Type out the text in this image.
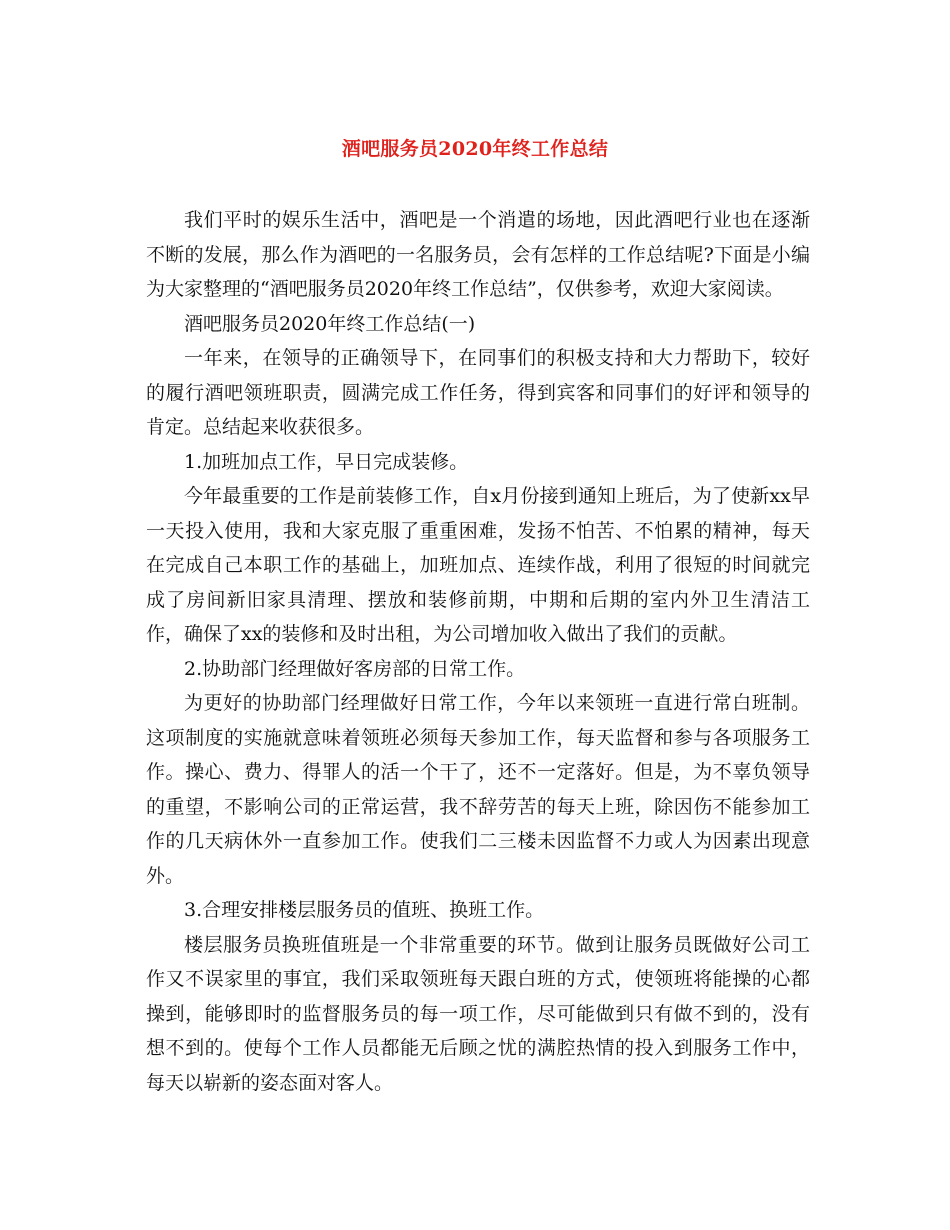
酒吧服务员2020年终工作总结

我们平时的娱乐生活中，酒吧是一个消遣的场地，因此酒吧行业也在逐渐不断的发展，那么作为酒吧的一名服务员，会有怎样的工作总结呢?下面是小编为大家整理的“酒吧服务员2020年终工作总结”，仅供参考，欢迎大家阅读。

酒吧服务员2020年终工作总结(一)

一年来，在领导的正确领导下，在同事们的积极支持和大力帮助下，较好的履行酒吧领班职责，圆满完成工作任务，得到宾客和同事们的好评和领导的肯定。总结起来收获很多。

1.加班加点工作，早日完成装修。

今年最重要的工作是前装修工作，自x月份接到通知上班后，为了使新xx早一天投入使用，我和大家克服了重重困难，发扬不怕苦、不怕累的精神，每天在完成自己本职工作的基础上，加班加点、连续作战，利用了很短的时间就完成了房间新旧家具清理、摆放和装修前期，中期和后期的室内外卫生清洁工作，确保了xx的装修和及时出租，为公司增加收入做出了我们的贡献。

2.协助部门经理做好客房部的日常工作。

为更好的协助部门经理做好日常工作，今年以来领班一直进行常白班制。这项制度的实施就意味着领班必须每天参加工作，每天监督和参与各项服务工作。操心、费力、得罪人的活一个干了，还不一定落好。但是，为不辜负领导的重望，不影响公司的正常运营，我不辞劳苦的每天上班，除因伤不能参加工作的几天病休外一直参加工作。使我们二三楼未因监督不力或人为因素出现意外。

3.合理安排楼层服务员的值班、换班工作。

楼层服务员换班值班是一个非常重要的环节。做到让服务员既做好公司工作又不误家里的事宜，我们采取领班每天跟白班的方式，使领班将能操的心都操到，能够即时的监督服务员的每一项工作，尽可能做到只有做不到的，没有想不到的。使每个工作人员都能无后顾之忧的满腔热情的投入到服务工作中，每天以崭新的姿态面对客人。
